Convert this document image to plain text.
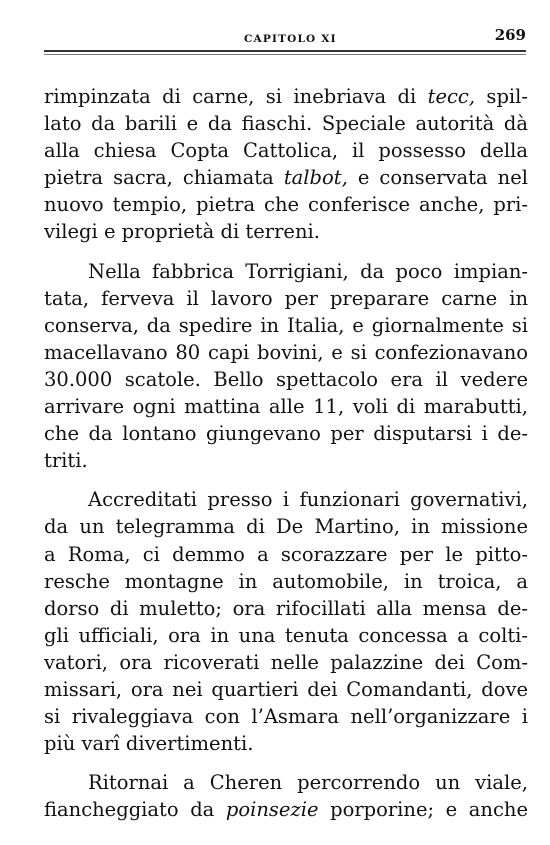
CAPITOLO XI	269
rimpinzata di carne, si inebriava di tecc, spil-
lato da barili e da fiaschi. Speciale autorità dà
alla chiesa Copta Cattolica, il possesso della
pietra sacra, chiamata talbot, e conservata nel
nuovo tempio, pietra che conferisce anche, pri-
vilegi e proprietà di terreni.
Nella fabbrica Torrigiani, da poco impian-
tata, ferveva il lavoro per preparare carne in
conserva, da spedire in Italia, e giornalmente si
macellavano 80 capi bovini, e si confezionavano
30.000 scatole. Bello spettacolo era il vedere
arrivare ogni mattina alle 11, voli di marabutti,
che da lontano giungevano per disputarsi i de-
triti.
Accreditati presso i funzionari governativi,
da un telegramma di De Martino, in missione
a Roma, ci demmo a scorazzare per le pitto-
resche montagne in automobile, in troica, a
dorso di muletto; ora rifocillati alla mensa de-
gli ufficiali, ora in una tenuta concessa a colti-
vatori, ora ricoverati nelle palazzine dei Com-
missari, ora nei quartieri dei Comandanti, dove
si rivaleggiava con l’Asmara nell’organizzare i
più varî divertimenti.
Ritornai a Cheren percorrendo un viale,
fiancheggiato da poinsezie porporine; e anche
